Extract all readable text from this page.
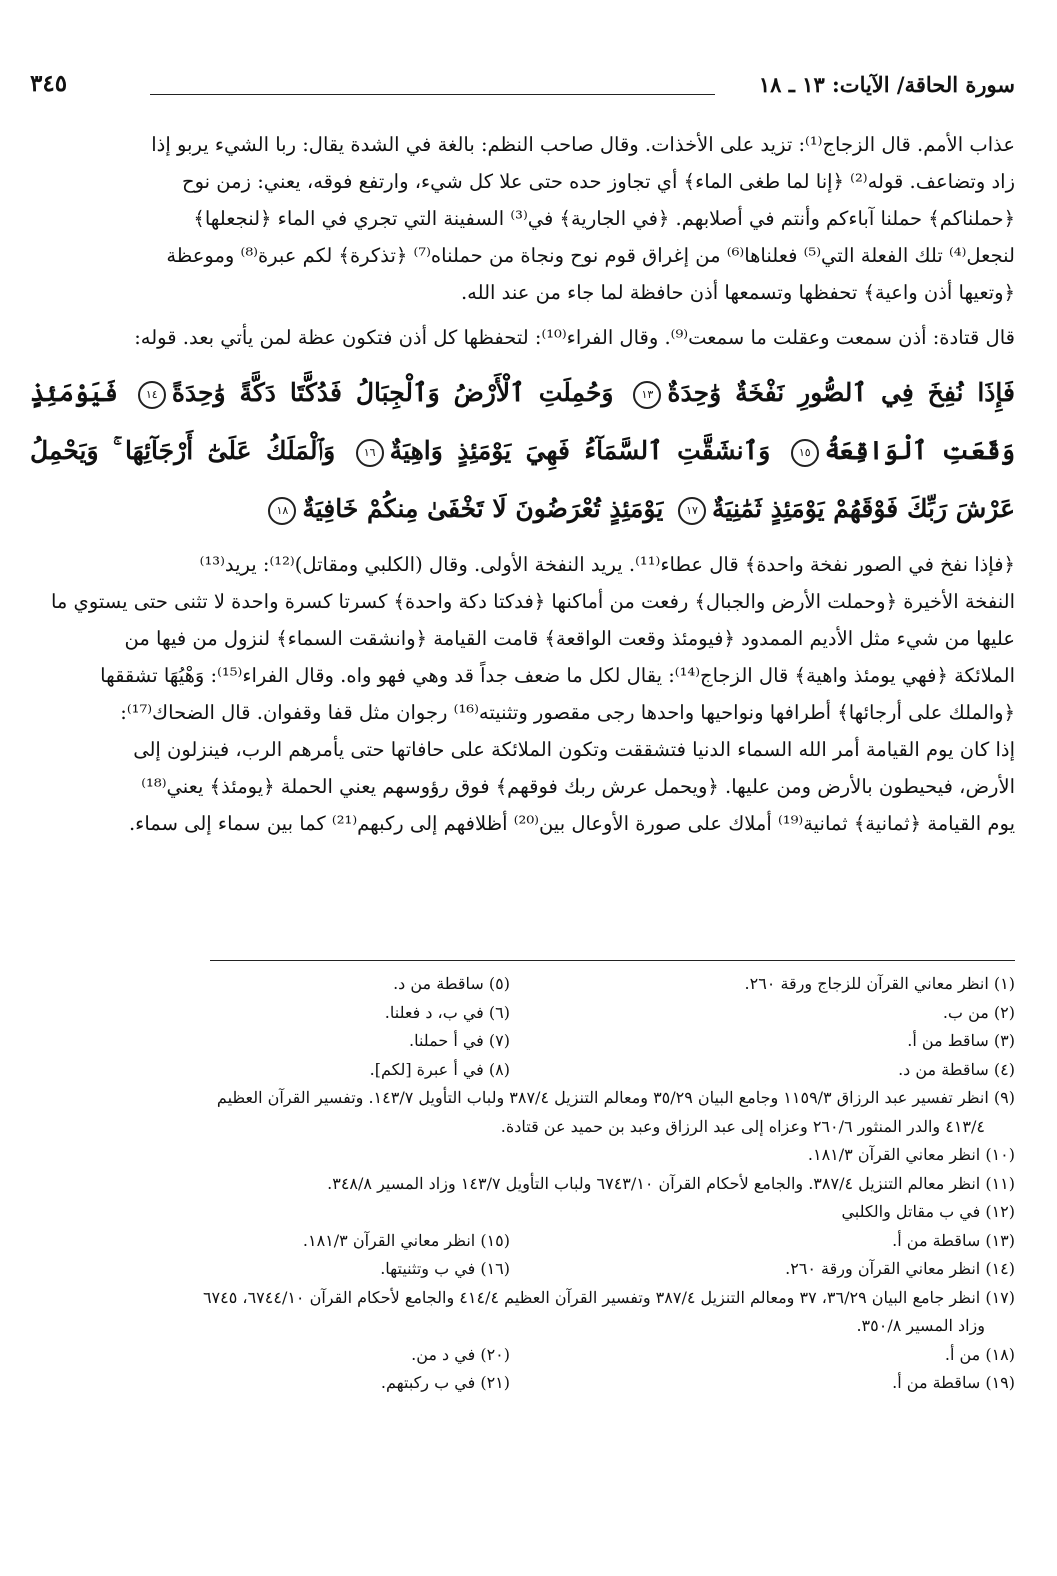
سورة الحاقة/ الآيات: ١٣ ـ ١٨
٣٤٥

عذاب الأمم. قال الزجاج⁽¹⁾: تزيد على الأخذات. وقال صاحب النظم: بالغة في الشدة يقال: ربا الشيء يربو إذا

زاد وتضاعف. قوله⁽²⁾ ﴿إنا لما طغى الماء﴾ أي تجاوز حده حتى علا كل شيء، وارتفع فوقه، يعني: زمن نوح

﴿حملناكم﴾ حملنا آباءكم وأنتم في أصلابهم. ﴿في الجارية﴾ في⁽³⁾ السفينة التي تجري في الماء ﴿لنجعلها﴾

لنجعل⁽⁴⁾ تلك الفعلة التي⁽⁵⁾ فعلناها⁽⁶⁾ من إغراق قوم نوح ونجاة من حملناه⁽⁷⁾ ﴿تذكرة﴾ لكم عبرة⁽⁸⁾ وموعظة

﴿وتعيها أذن واعية﴾ تحفظها وتسمعها أذن حافظة لما جاء من عند الله.

قال قتادة: أذن سمعت وعقلت ما سمعت⁽⁹⁾. وقال الفراء⁽¹⁰⁾: لتحفظها كل أذن فتكون عظة لمن يأتي بعد. قوله:

فَإِذَا نُفِخَ فِي ٱلصُّورِ نَفْخَةٌ وَٰحِدَةٌ١٣ وَحُمِلَتِ ٱلْأَرْضُ وَٱلْجِبَالُ فَدُكَّتَا دَكَّةً وَٰحِدَةً١٤ فَيَوْمَئِذٍ وَقَعَتِ ٱلْوَاقِعَةُ١٥ وَٱنشَقَّتِ ٱلسَّمَآءُ فَهِيَ يَوْمَئِذٍ وَاهِيَةٌ١٦ وَٱلْمَلَكُ عَلَىٰٓ أَرْجَآئِهَا ۚ وَيَحْمِلُ عَرْشَ رَبِّكَ فَوْقَهُمْ يَوْمَئِذٍ ثَمَٰنِيَةٌ١٧ يَوْمَئِذٍ تُعْرَضُونَ لَا تَخْفَىٰ مِنكُمْ خَافِيَةٌ١٨

﴿فإذا نفخ في الصور نفخة واحدة﴾ قال عطاء⁽¹¹⁾. يريد النفخة الأولى. وقال (الكلبي ومقاتل)⁽¹²⁾: يريد⁽¹³⁾

النفخة الأخيرة ﴿وحملت الأرض والجبال﴾ رفعت من أماكنها ﴿فدكتا دكة واحدة﴾ كسرتا كسرة واحدة لا تثنى حتى يستوي ما

عليها من شيء مثل الأديم الممدود ﴿فيومئذ وقعت الواقعة﴾ قامت القيامة ﴿وانشقت السماء﴾ لنزول من فيها من

الملائكة ﴿فهي يومئذ واهية﴾ قال الزجاج⁽¹⁴⁾: يقال لكل ما ضعف جداً قد وهي فهو واه. وقال الفراء⁽¹⁵⁾: وَهْيُهَا تشققها

﴿والملك على أرجائها﴾ أطرافها ونواحيها واحدها رجى مقصور وتثنيته⁽¹⁶⁾ رجوان مثل قفا وقفوان. قال الضحاك⁽¹⁷⁾:

إذا كان يوم القيامة أمر الله السماء الدنيا فتشققت وتكون الملائكة على حافاتها حتى يأمرهم الرب، فينزلون إلى

الأرض، فيحيطون بالأرض ومن عليها. ﴿ويحمل عرش ربك فوقهم﴾ فوق رؤوسهم يعني الحملة ﴿يومئذ﴾ يعني⁽¹⁸⁾

يوم القيامة ﴿ثمانية﴾ ثمانية⁽¹⁹⁾ أملاك على صورة الأوعال بين⁽²⁰⁾ أظلافهم إلى ركبهم⁽²¹⁾ كما بين سماء إلى سماء.

(١) انظر معاني القرآن للزجاج ورقة ٢٦٠.
(٥) ساقطة من د.
(٢) من ب.
(٦) في ب، د فعلنا.
(٣) ساقط من أ.
(٧) في أ حملنا.
(٤) ساقطة من د.
(٨) في أ عبرة [لكم].
(٩) انظر تفسير عبد الرزاق ١١٥٩/٣ وجامع البيان ٣٥/٢٩ ومعالم التنزيل ٣٨٧/٤ ولباب التأويل ١٤٣/٧. وتفسير القرآن العظيم
٤١٣/٤ والدر المنثور ٢٦٠/٦ وعزاه إلى عبد الرزاق وعبد بن حميد عن قتادة.
(١٠) انظر معاني القرآن ١٨١/٣.
(١١) انظر معالم التنزيل ٣٨٧/٤. والجامع لأحكام القرآن ٦٧٤٣/١٠ ولباب التأويل ١٤٣/٧ وزاد المسير ٣٤٨/٨.
(١٢) في ب مقاتل والكلبي
(١٣) ساقطة من أ.
(١٥) انظر معاني القرآن ١٨١/٣.
(١٤) انظر معاني القرآن ورقة ٢٦٠.
(١٦) في ب وتثنيتها.
(١٧) انظر جامع البيان ٣٦/٢٩، ٣٧ ومعالم التنزيل ٣٨٧/٤ وتفسير القرآن العظيم ٤١٤/٤ والجامع لأحكام القرآن ٦٧٤٤/١٠، ٦٧٤٥
وزاد المسير ٣٥٠/٨.
(١٨) من أ.
(٢٠) في د من.
(١٩) ساقطة من أ.
(٢١) في ب ركبتهم.
